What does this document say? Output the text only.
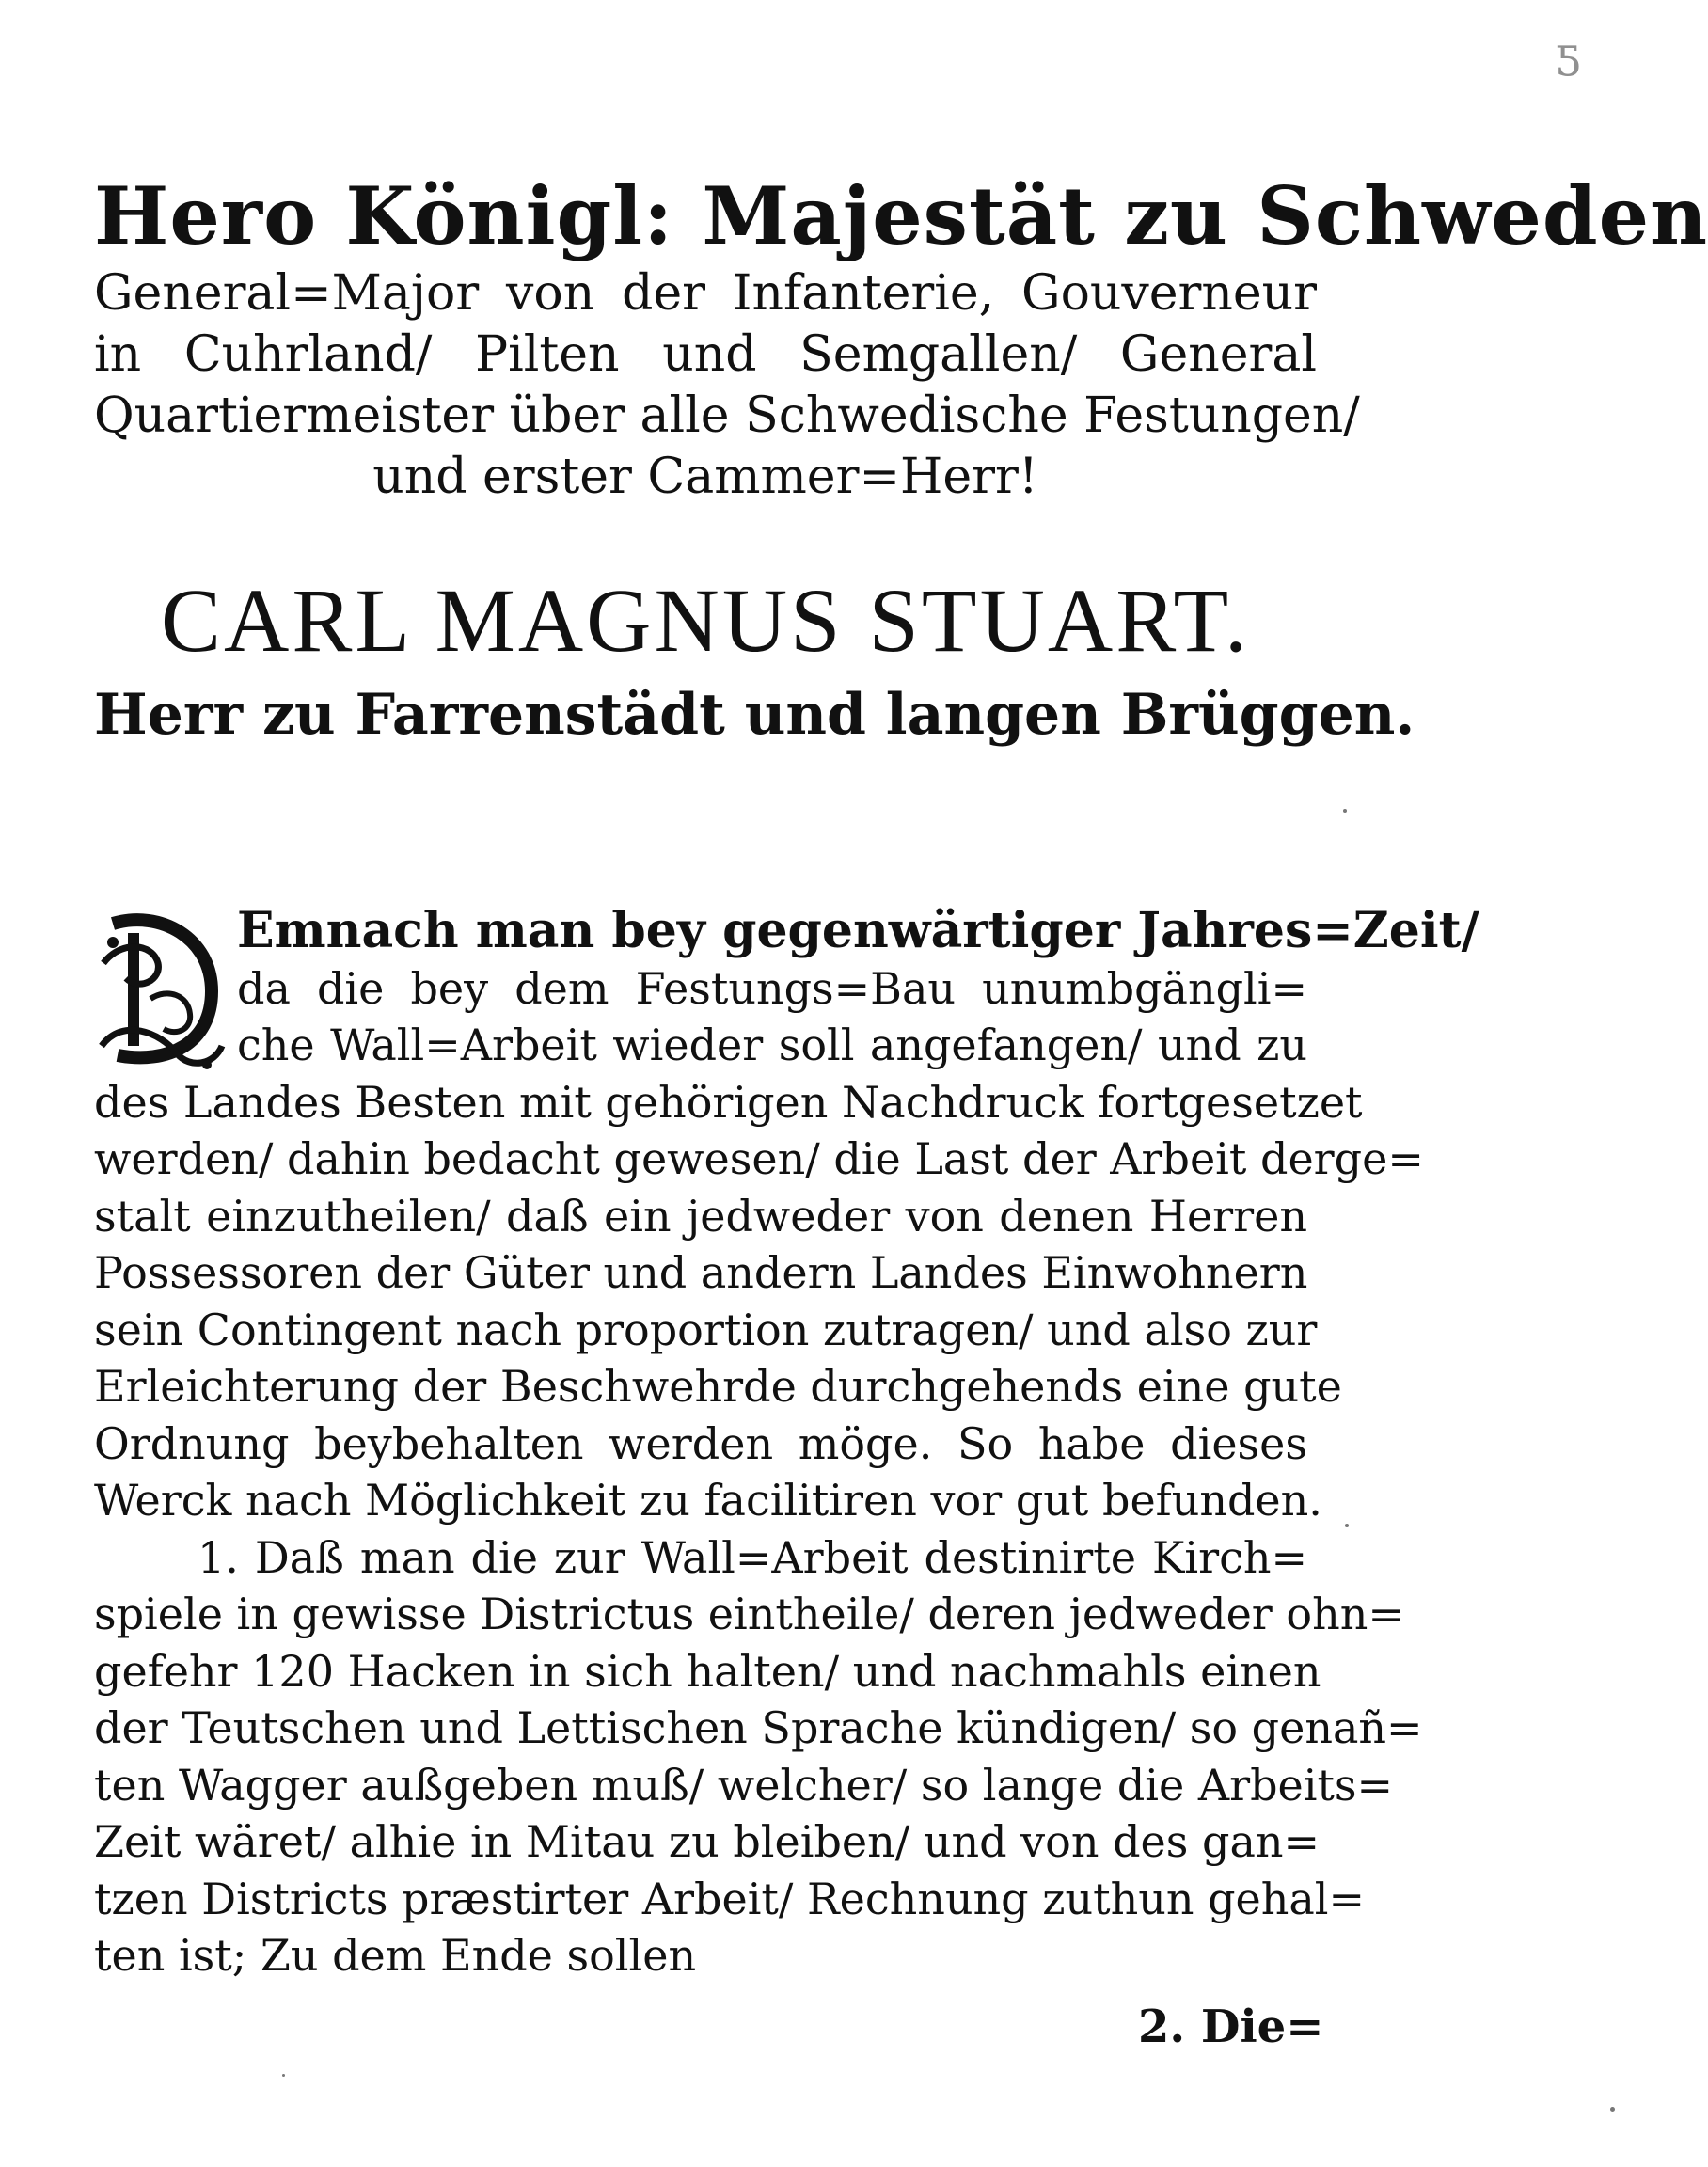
ƽ
Hero Königl: Majestät zu Schweden
General=Major von der Infanterie, Gouverneur
in Cuhrland/ Pilten und Semgallen/ General
Quartiermeister über alle Schwedische Festungen/
und erster Cammer=Herr!
CARL MAGNUS STUART.
Herr zu Farrenstädt und langen Brüggen.
Emnach man bey gegenwärtiger Jahres=Zeit/
da die bey dem Festungs=Bau unumbgängli=
che Wall=Arbeit wieder soll angefangen/ und zu
des Landes Besten mit gehörigen Nachdruck fortgesetzet
werden/ dahin bedacht gewesen/ die Last der Arbeit derge=
stalt einzutheilen/ daß ein jedweder von denen Herren
Possessoren der Güter und andern Landes Einwohnern
sein Contingent nach proportion zutragen/ und also zur
Erleichterung der Beschwehrde durchgehends eine gute
Ordnung beybehalten werden möge. So habe dieses
Werck nach Möglichkeit zu facilitiren vor gut befunden.
1. Daß man die zur Wall=Arbeit destinirte Kirch=
spiele in gewisse Districtus eintheile/ deren jedweder ohn=
gefehr 120 Hacken in sich halten/ und nachmahls einen
der Teutschen und Lettischen Sprache kündigen/ so genañ=
ten Wagger außgeben muß/ welcher/ so lange die Arbeits=
Zeit wäret/ alhie in Mitau zu bleiben/ und von des gan=
tzen Districts præstirter Arbeit/ Rechnung zuthun gehal=
ten ist; Zu dem Ende sollen
2. Die=
